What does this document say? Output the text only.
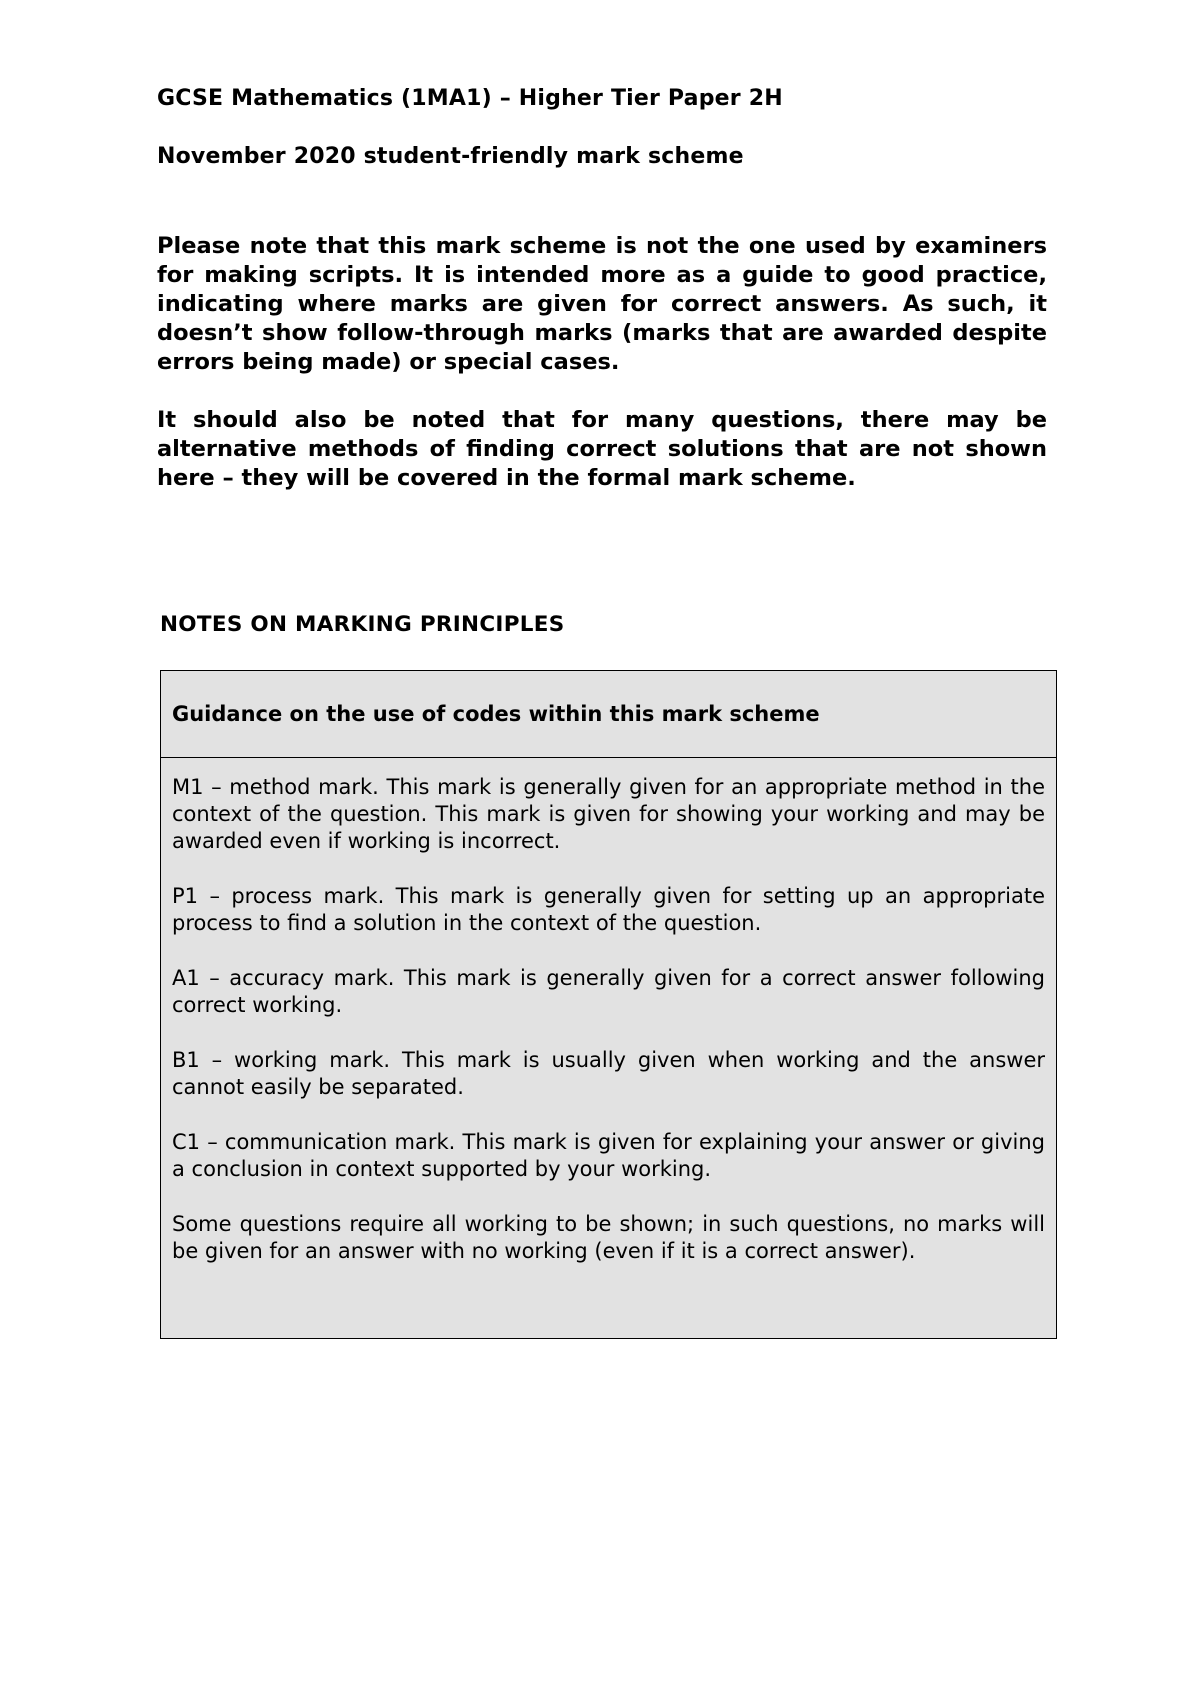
GCSE Mathematics (1MA1) – Higher Tier Paper 2H
November 2020 student-friendly mark scheme
Please note that this mark scheme is not the one used by examiners for making scripts. It is intended more as a guide to good practice, indicating where marks are given for correct answers. As such, it doesn’t show follow-through marks (marks that are awarded despite errors being made) or special cases.
It should also be noted that for many questions, there may be alternative methods of finding correct solutions that are not shown here – they will be covered in the formal mark scheme.
NOTES ON MARKING PRINCIPLES
Guidance on the use of codes within this mark scheme

M1 – method mark. This mark is generally given for an appropriate method in the context of the question. This mark is given for showing your working and may be awarded even if working is incorrect.

P1 – process mark. This mark is generally given for setting up an appropriate process to find a solution in the context of the question.

A1 – accuracy mark. This mark is generally given for a correct answer following correct working.

B1 – working mark. This mark is usually given when working and the answer cannot easily be separated.

C1 – communication mark. This mark is given for explaining your answer or giving a conclusion in context supported by your working.

Some questions require all working to be shown; in such questions, no marks will be given for an answer with no working (even if it is a correct answer).
